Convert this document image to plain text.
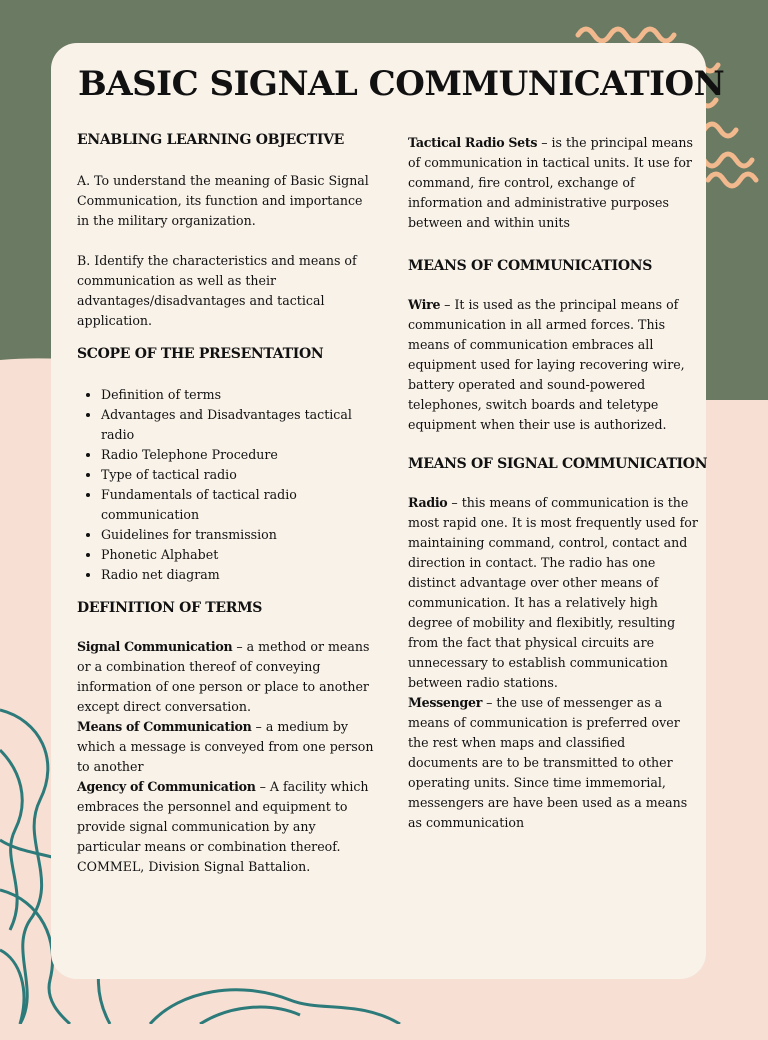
BASIC SIGNAL COMMUNICATION

ENABLING LEARNING OBJECTIVE

A. To understand the meaning of Basic Signal Communication, its function and importance in the military organization.

B. Identify the characteristics and means of communication as well as their advantages/disadvantages and tactical application.

SCOPE OF THE PRESENTATION

• Definition of terms
• Advantages and Disadvantages tactical radio
• Radio Telephone Procedure
• Type of tactical radio
• Fundamentals of tactical radio communication
• Guidelines for transmission
• Phonetic Alphabet
• Radio net diagram

DEFINITION OF TERMS

Signal Communication – a method or means or a combination thereof of conveying information of one person or place to another except direct conversation.

Means of Communication – a medium by which a message is conveyed from one person to another

Agency of Communication – A facility which embraces the personnel and equipment to provide signal communication by any particular means or combination thereof. COMMEL, Division Signal Battalion.

Tactical Radio Sets – is the principal means of communication in tactical units. It use for command, fire control, exchange of information and administrative purposes between and within units

MEANS OF COMMUNICATIONS

Wire – It is used as the principal means of communication in all armed forces. This means of communication embraces all equipment used for laying recovering wire, battery operated and sound-powered telephones, switch boards and teletype equipment when their use is authorized.

MEANS OF SIGNAL COMMUNICATION

Radio – this means of communication is the most rapid one. It is most frequently used for maintaining command, control, contact and direction in contact. The radio has one distinct advantage over other means of communication. It has a relatively high degree of mobility and flexibitly, resulting from the fact that physical circuits are unnecessary to establish communication between radio stations.

Messenger – the use of messenger as a means of communication is preferred over the rest when maps and classified documents are to be transmitted to other operating units. Since time immemorial, messengers are have been used as a means as communication
